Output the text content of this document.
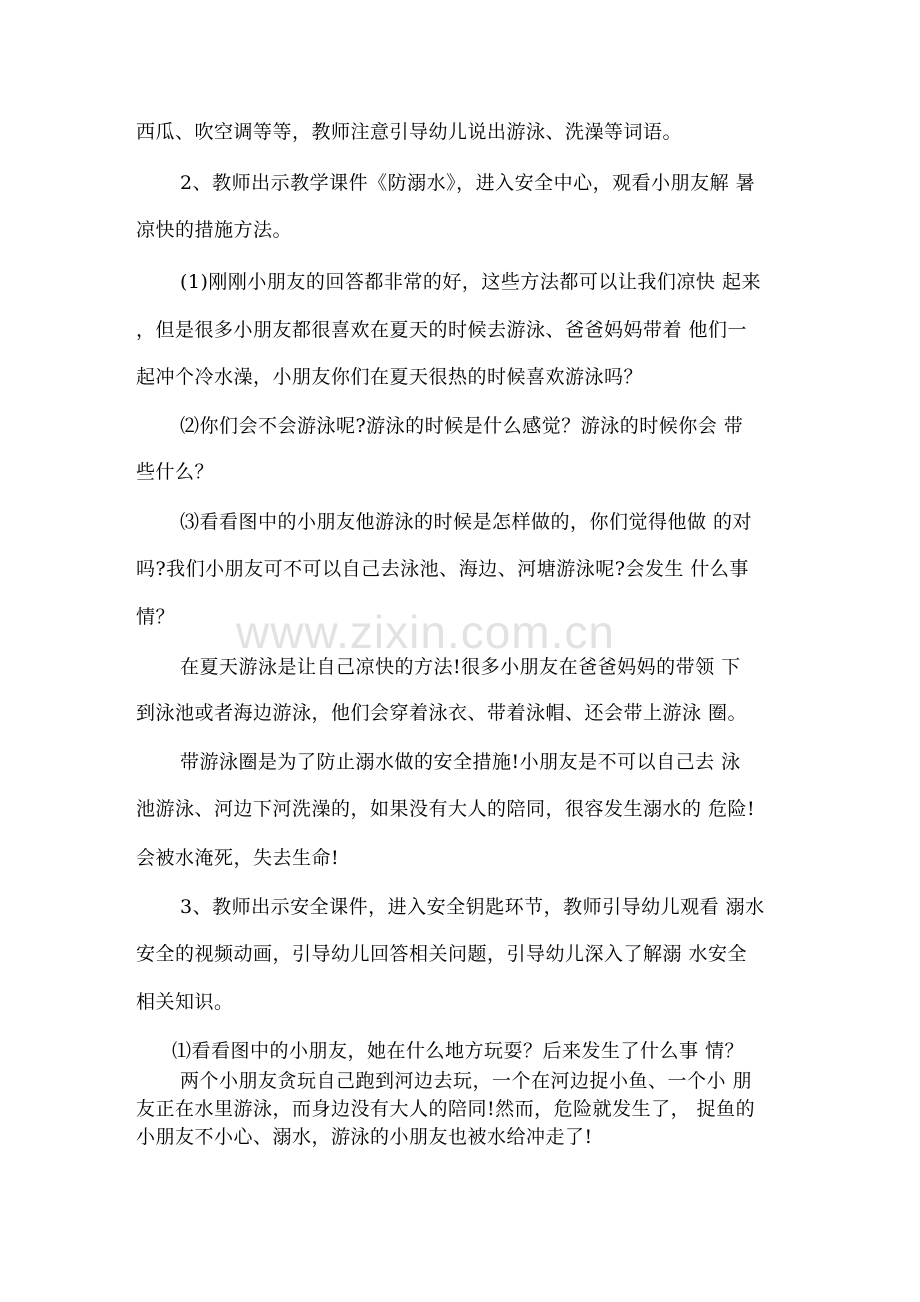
www.zixin.com.cn
西瓜、吹空调等等，教师注意引导幼儿说出游泳、洗澡等词语。
2、教师出示教学课件《防溺水》，进入安全中心，观看小朋友解 暑
凉快的措施方法。
(1)刚刚小朋友的回答都非常的好，这些方法都可以让我们凉快 起来
，但是很多小朋友都很喜欢在夏天的时候去游泳、爸爸妈妈带着 他们一
起冲个冷水澡，小朋友你们在夏天很热的时候喜欢游泳吗？
⑵你们会不会游泳呢?游泳的时候是什么感觉？游泳的时候你会 带
些什么？
⑶看看图中的小朋友他游泳的时候是怎样做的，你们觉得他做 的对
吗?我们小朋友可不可以自己去泳池、海边、河塘游泳呢?会发生 什么事
情？
在夏天游泳是让自己凉快的方法!很多小朋友在爸爸妈妈的带领 下
到泳池或者海边游泳，他们会穿着泳衣、带着泳帽、还会带上游泳 圈。
带游泳圈是为了防止溺水做的安全措施!小朋友是不可以自己去 泳
池游泳、河边下河洗澡的，如果没有大人的陪同，很容发生溺水的 危险!
会被水淹死，失去生命!
3、教师出示安全课件，进入安全钥匙环节，教师引导幼儿观看 溺水
安全的视频动画，引导幼儿回答相关问题，引导幼儿深入了解溺 水安全
相关知识。
⑴看看图中的小朋友，她在什么地方玩耍？后来发生了什么事 情？
两个小朋友贪玩自己跑到河边去玩，一个在河边捉小鱼、一个小 朋
友正在水里游泳，而身边没有大人的陪同!然而，危险就发生了， 捉鱼的
小朋友不小心、溺水，游泳的小朋友也被水给冲走了!
